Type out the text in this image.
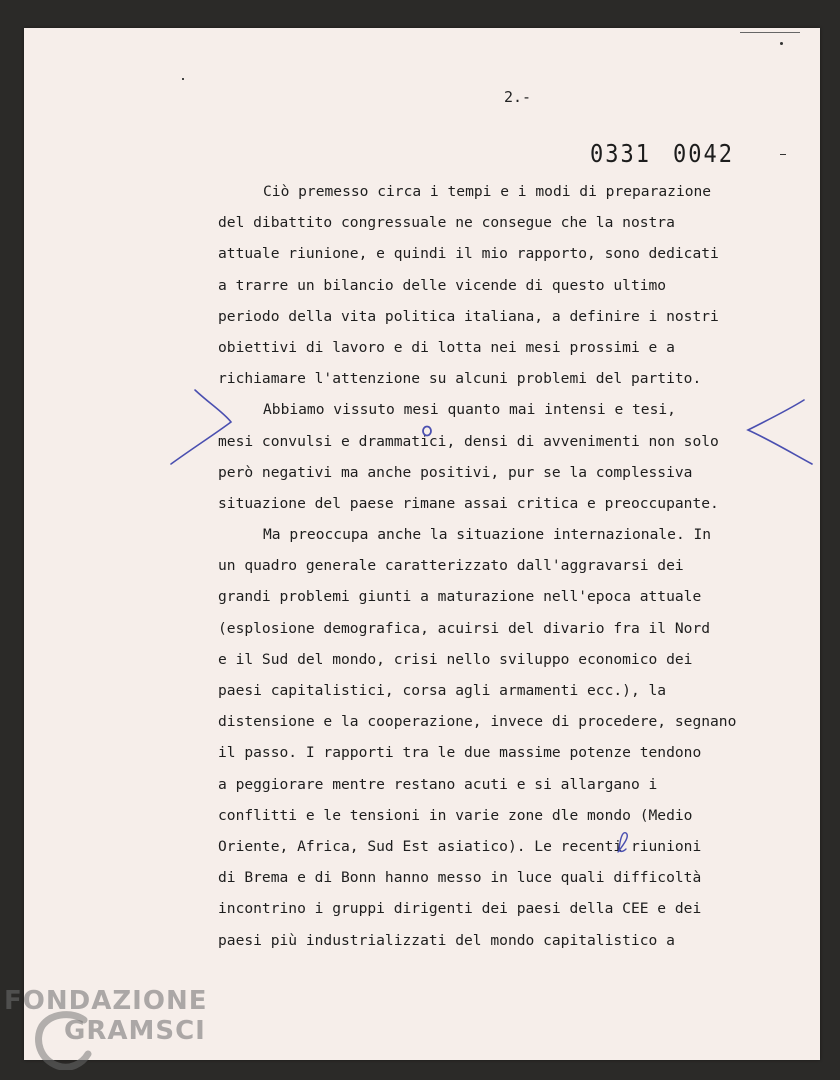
2.-
0331 0042
Ciò premesso circa i tempi e i modi di preparazione
del dibattito congressuale ne consegue che la nostra
attuale riunione, e quindi il mio rapporto, sono dedicati
a trarre un bilancio delle vicende di questo ultimo
periodo della vita politica italiana, a definire i nostri
obiettivi di lavoro e di lotta nei mesi prossimi e a
richiamare l'attenzione su alcuni problemi del partito.
Abbiamo vissuto mesi quanto mai intensi e tesi,
mesi convulsi e drammatici, densi di avvenimenti non solo
però negativi ma anche positivi, pur se la complessiva
situazione del paese rimane assai critica e preoccupante.
Ma preoccupa anche la situazione internazionale. In
un quadro generale caratterizzato dall'aggravarsi dei
grandi problemi giunti a maturazione nell'epoca attuale
(esplosione demografica, acuirsi del divario fra il Nord
e il Sud del mondo, crisi nello sviluppo economico dei
paesi capitalistici, corsa agli armamenti ecc.), la
distensione e la cooperazione, invece di procedere, segnano
il passo. I rapporti tra le due massime potenze tendono
a peggiorare mentre restano acuti e si allargano i
conflitti e le tensioni in varie zone dle mondo (Medio
Oriente, Africa, Sud Est asiatico). Le recenti riunioni
di Brema e di Bonn hanno messo in luce quali difficoltà
incontrino i gruppi dirigenti dei paesi della CEE e dei
paesi più industrializzati del mondo capitalistico a
FONDAZIONE
GRAMSCI
